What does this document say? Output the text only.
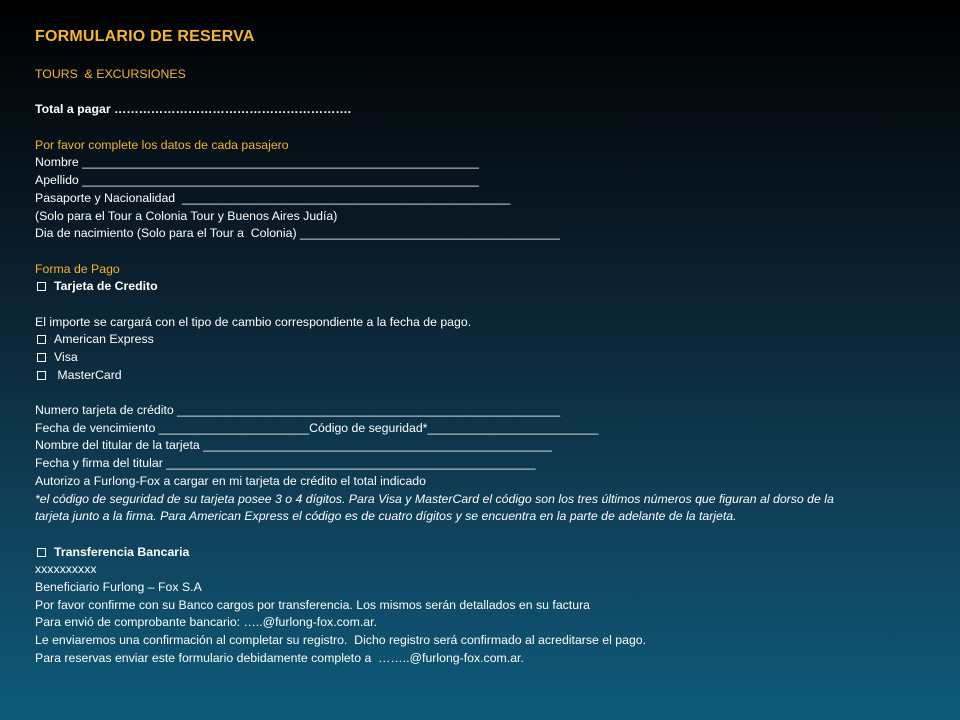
FORMULARIO DE RESERVA
TOURS  & EXCURSIONES
Total a pagar ………………………………………………….
Por favor complete los datos de cada pasajero
Nombre __________________________________________________________
Apellido __________________________________________________________
Pasaporte y Nacionalidad  ________________________________________________
(Solo para el Tour a Colonia Tour y Buenos Aires Judía)
Dia de nacimiento (Solo para el Tour a  Colonia) ______________________________________
Forma de Pago
Tarjeta de Credito
El importe se cargará con el tipo de cambio correspondiente a la fecha de pago.
American Express
Visa
MasterCard
Numero tarjeta de crédito ________________________________________________________
Fecha de vencimiento ______________________Código de seguridad*_________________________
Nombre del titular de la tarjeta ___________________________________________________
Fecha y firma del titular ______________________________________________________
Autorizo a Furlong-Fox a cargar en mi tarjeta de crédito el total indicado
*el código de seguridad de su tarjeta posee 3 o 4 dígitos. Para Visa y MasterCard el código son los tres últimos números que figuran al dorso de la tarjeta junto a la firma. Para American Express el código es de cuatro dígitos y se encuentra en la parte de adelante de la tarjeta.
Transferencia Bancaria
xxxxxxxxxx
Beneficiario Furlong – Fox S.A
Por favor confirme con su Banco cargos por transferencia. Los mismos serán detallados en su factura
Para envió de comprobante bancario: …..@furlong-fox.com.ar.
Le enviaremos una confirmación al completar su registro.  Dicho registro será confirmado al acreditarse el pago.
Para reservas enviar este formulario debidamente completo a  ……..@furlong-fox.com.ar.
